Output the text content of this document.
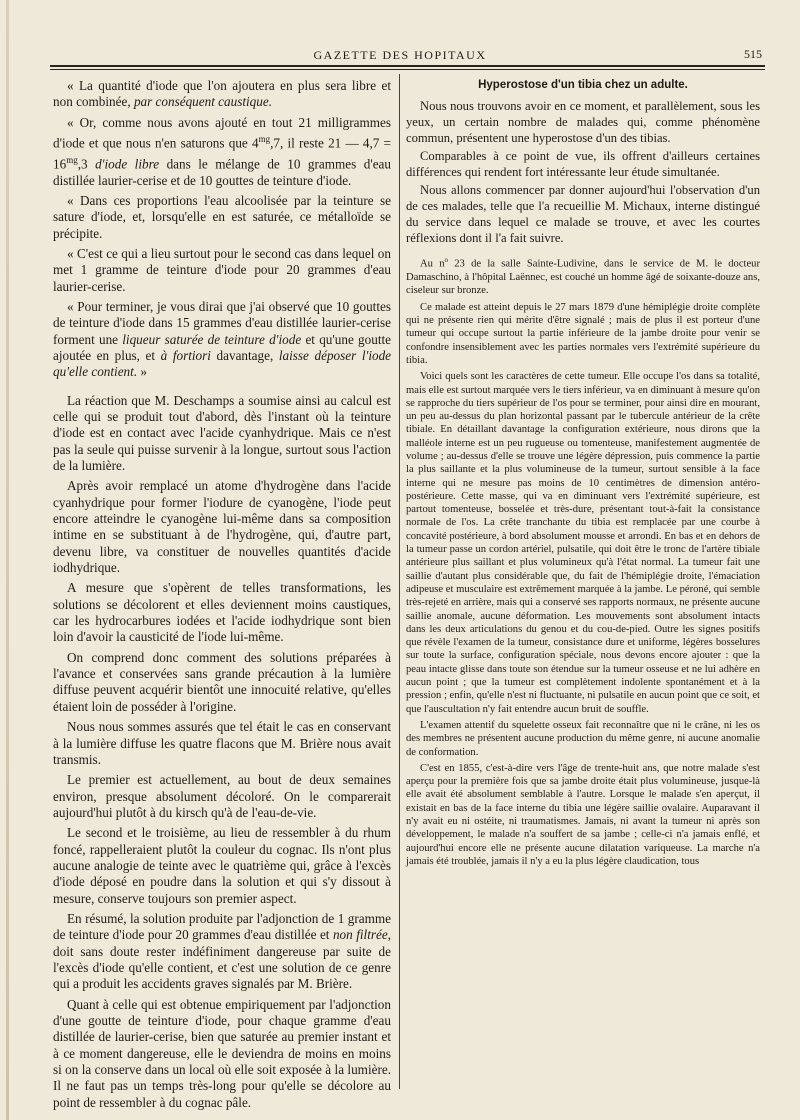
GAZETTE DES HOPITAUX	515

« La quantité d'iode que l'on ajoutera en plus sera libre et non combinée, par conséquent caustique.

« Or, comme nous avons ajouté en tout 21 milligrammes d'iode et que nous n'en saturons que $4^{mg},7$, il reste 21 — $4,7 = 16^{mg},3$ d'iode libre dans le mélange de 10 grammes d'eau distillée laurier-cerise et de 10 gouttes de teinture d'iode.

« Dans ces proportions l'eau alcoolisée par la teinture se sature d'iode, et, lorsqu'elle en est saturée, ce métalloïde se précipite.

« C'est ce qui a lieu surtout pour le second cas dans lequel on met 1 gramme de teinture d'iode pour 20 grammes d'eau laurier-cerise.

« Pour terminer, je vous dirai que j'ai observé que 10 gouttes de teinture d'iode dans 15 grammes d'eau distillée laurier-cerise forment une liqueur saturée de teinture d'iode et qu'une goutte ajoutée en plus, et à fortiori davantage, laisse déposer l'iode qu'elle contient. »

La réaction que M. Deschamps a soumise ainsi au calcul est celle qui se produit tout d'abord, dès l'instant où la teinture d'iode est en contact avec l'acide cyanhydrique. Mais ce n'est pas la seule qui puisse survenir à la longue, surtout sous l'action de la lumière.

Après avoir remplacé un atome d'hydrogène dans l'acide cyanhydrique pour former l'iodure de cyanogène, l'iode peut encore atteindre le cyanogène lui-même dans sa composition intime en se substituant à de l'hydrogène, qui, d'autre part, devenu libre, va constituer de nouvelles quantités d'acide iodhydrique.

A mesure que s'opèrent de telles transformations, les solutions se décolorent et elles deviennent moins caustiques, car les hydrocarbures iodées et l'acide iodhydrique sont bien loin d'avoir la causticité de l'iode lui-même.

On comprend donc comment des solutions préparées à l'avance et conservées sans grande précaution à la lumière diffuse peuvent acquérir bientôt une innocuité relative, qu'elles étaient loin de posséder à l'origine.

Nous nous sommes assurés que tel était le cas en conservant à la lumière diffuse les quatre flacons que M. Brière nous avait transmis.

Le premier est actuellement, au bout de deux semaines environ, presque absolument décoloré. On le comparerait aujourd'hui plutôt à du kirsch qu'à de l'eau-de-vie.

Le second et le troisième, au lieu de ressembler à du rhum foncé, rappelleraient plutôt la couleur du cognac. Ils n'ont plus aucune analogie de teinte avec le quatrième qui, grâce à l'excès d'iode déposé en poudre dans la solution et qui s'y dissout à mesure, conserve toujours son premier aspect.

En résumé, la solution produite par l'adjonction de 1 gramme de teinture d'iode pour 20 grammes d'eau distillée et non filtrée, doit sans doute rester indéfiniment dangereuse par suite de l'excès d'iode qu'elle contient, et c'est une solution de ce genre qui a produit les accidents graves signalés par M. Brière.

Quant à celle qui est obtenue empiriquement par l'adjonction d'une goutte de teinture d'iode, pour chaque gramme d'eau distillée de laurier-cerise, bien que saturée au premier instant et à ce moment dangereuse, elle le deviendra de moins en moins si on la conserve dans un local où elle soit exposée à la lumière. Il ne faut pas un temps très-long pour qu'elle se décolore au point de ressembler à du cognac pâle.

Hyperostose d'un tibia chez un adulte.

Nous nous trouvons avoir en ce moment, et parallèlement, sous les yeux, un certain nombre de malades qui, comme phénomène commun, présentent une hyperostose d'un des tibias.

Comparables à ce point de vue, ils offrent d'ailleurs certaines différences qui rendent fort intéressante leur étude simultanée.

Nous allons commencer par donner aujourd'hui l'observation d'un de ces malades, telle que l'a recueillie M. Michaux, interne distingué du service dans lequel ce malade se trouve, et avec les courtes réflexions dont il l'a fait suivre.

Au $n^o$ 23 de la salle Sainte-Ludivine, dans le service de M. le docteur Damaschino, à l'hôpital Laënnec, est couché un homme âgé de soixante-douze ans, ciseleur sur bronze.

Ce malade est atteint depuis le 27 mars 1879 d'une hémiplégie droite complète qui ne présente rien qui mérite d'être signalé ; mais de plus il est porteur d'une tumeur qui occupe surtout la partie inférieure de la jambe droite pour venir se confondre insensiblement avec les parties normales vers l'extrémité supérieure du tibia.

Voici quels sont les caractères de cette tumeur. Elle occupe l'os dans sa totalité, mais elle est surtout marquée vers le tiers inférieur, va en diminuant à mesure qu'on se rapproche du tiers supérieur de l'os pour se terminer, pour ainsi dire en mourant, un peu au-dessus du plan horizontal passant par le tubercule antérieur de la crête tibiale. En détaillant davantage la configuration extérieure, nous dirons que la malléole interne est un peu rugueuse ou tomenteuse, manifestement augmentée de volume ; au-dessus d'elle se trouve une légère dépression, puis commence la partie la plus saillante et la plus volumineuse de la tumeur, surtout sensible à la face interne qui ne mesure pas moins de 10 centimètres de dimension antéro-postérieure. Cette masse, qui va en diminuant vers l'extrémité supérieure, est partout tomenteuse, bosselée et très-dure, présentant tout-à-fait la consistance normale de l'os. La crête tranchante du tibia est remplacée par une courbe à concavité postérieure, à bord absolument mousse et arrondi. En bas et en dehors de la tumeur passe un cordon artériel, pulsatile, qui doit être le tronc de l'artère tibiale antérieure plus saillant et plus volumineux qu'à l'état normal. La tumeur fait une saillie d'autant plus considérable que, du fait de l'hémiplégie droite, l'émaciation adipeuse et musculaire est extrêmement marquée à la jambe. Le péroné, qui semble très-rejeté en arrière, mais qui a conservé ses rapports normaux, ne présente aucune saillie anomale, aucune déformation. Les mouvements sont absolument intacts dans les deux articulations du genou et du cou-de-pied. Outre les signes positifs que révèle l'examen de la tumeur, consistance dure et uniforme, légères bosselures sur toute la surface, configuration spéciale, nous devons encore ajouter : que la peau intacte glisse dans toute son étendue sur la tumeur osseuse et ne lui adhère en aucun point ; que la tumeur est complètement indolente spontanément et à la pression ; enfin, qu'elle n'est ni fluctuante, ni pulsatile en aucun point que ce soit, et que l'auscultation n'y fait entendre aucun bruit de souffle.

L'examen attentif du squelette osseux fait reconnaître que ni le crâne, ni les os des membres ne présentent aucune production du même genre, ni aucune anomalie de conformation.

C'est en 1855, c'est-à-dire vers l'âge de trente-huit ans, que notre malade s'est aperçu pour la première fois que sa jambe droite était plus volumineuse, jusque-là elle avait été absolument semblable à l'autre. Lorsque le malade s'en aperçut, il existait en bas de la face interne du tibia une légère saillie ovalaire. Auparavant il n'y avait eu ni ostéite, ni traumatismes. Jamais, ni avant la tumeur ni après son développement, le malade n'a souffert de sa jambe ; celle-ci n'a jamais enflé, et aujourd'hui encore elle ne présente aucune dilatation variqueuse. La marche n'a jamais été troublée, jamais il n'y a eu la plus légère claudication, tous
